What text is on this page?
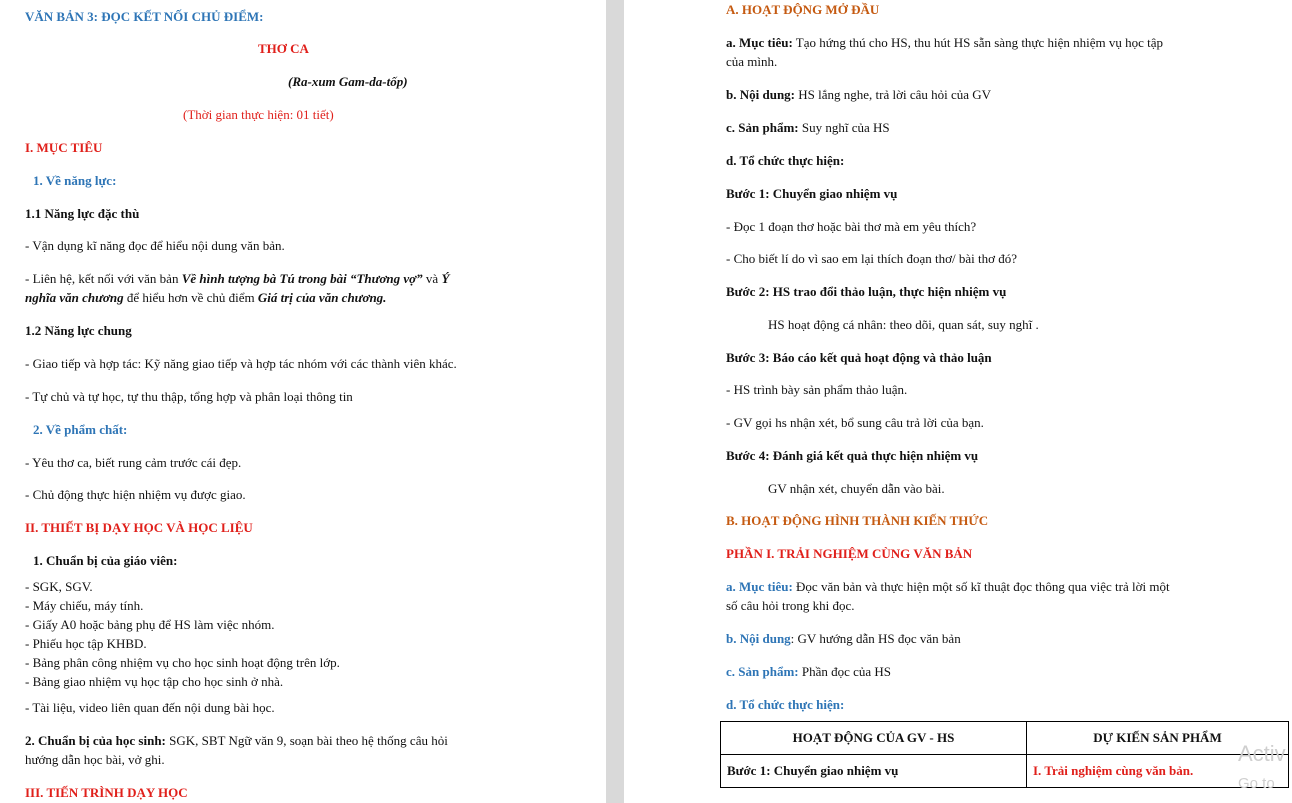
VĂN BẢN 3: ĐỌC KẾT NỐI CHỦ ĐIỂM:
THƠ CA
(Ra-xum Gam-da-tốp)
(Thời gian thực hiện: 01 tiết)
I. MỤC TIÊU
1. Về năng lực:
1.1 Năng lực đặc thù
- Vận dụng kĩ năng đọc để hiểu nội dung văn bản.
- Liên hệ, kết nối với văn bản Về hình tượng bà Tú trong bài “Thương vợ” và Ý
nghĩa văn chương để hiểu hơn về chủ điểm Giá trị của văn chương.
1.2 Năng lực chung
- Giao tiếp và hợp tác: Kỹ năng giao tiếp và hợp tác nhóm với các thành viên khác.
- Tự chủ và tự học, tự thu thập, tổng hợp và phân loại thông tin
2. Về phẩm chất:
- Yêu thơ ca, biết rung cảm trước cái đẹp.
- Chủ động thực hiện nhiệm vụ được giao.
II. THIẾT BỊ DẠY HỌC VÀ HỌC LIỆU
1. Chuẩn bị của giáo viên:
- SGK, SGV.
- Máy chiếu, máy tính.
- Giấy A0 hoặc bảng phụ để HS làm việc nhóm.
- Phiếu học tập KHBD.
- Bảng phân công nhiệm vụ cho học sinh hoạt động trên lớp.
- Bảng giao nhiệm vụ học tập cho học sinh ở nhà.
- Tài liệu, video liên quan đến nội dung bài học.
2. Chuẩn bị của học sinh: SGK, SBT Ngữ văn 9, soạn bài theo hệ thống câu hỏi
hướng dẫn học bài, vở ghi.
III. TIẾN TRÌNH DẠY HỌC
A. HOẠT ĐỘNG MỞ ĐẦU
a. Mục tiêu: Tạo hứng thú cho HS, thu hút HS sẵn sàng thực hiện nhiệm vụ học tập
của mình.
b. Nội dung: HS lắng nghe, trả lời câu hỏi của GV
c. Sản phẩm: Suy nghĩ của HS
d. Tổ chức thực hiện:
Bước 1: Chuyển giao nhiệm vụ
- Đọc 1 đoạn thơ hoặc bài thơ mà em yêu thích?
- Cho biết lí do vì sao em lại thích đoạn thơ/ bài thơ đó?
Bước 2: HS trao đổi thảo luận, thực hiện nhiệm vụ
HS hoạt động cá nhân: theo dõi, quan sát, suy nghĩ .
Bước 3: Báo cáo kết quả hoạt động và thảo luận
- HS trình bày sản phẩm thảo luận.
- GV gọi hs nhận xét, bổ sung câu trả lời của bạn.
Bước 4: Đánh giá kết quả thực hiện nhiệm vụ
GV nhận xét, chuyển dẫn vào bài.
B. HOẠT ĐỘNG HÌNH THÀNH KIẾN THỨC
PHẦN I. TRẢI NGHIỆM CÙNG VĂN BẢN
a. Mục tiêu: Đọc văn bản và thực hiện một số kĩ thuật đọc thông qua việc trả lời một
số câu hỏi trong khi đọc.
b. Nội dung: GV hướng dẫn HS đọc văn bản
c. Sản phẩm: Phần đọc của HS
d. Tổ chức thực hiện:
HOẠT ĐỘNG CỦA GV - HS	DỰ KIẾN SẢN PHẨM
Bước 1: Chuyển giao nhiệm vụ	I. Trải nghiệm cùng văn bản.
Activ
Go to
